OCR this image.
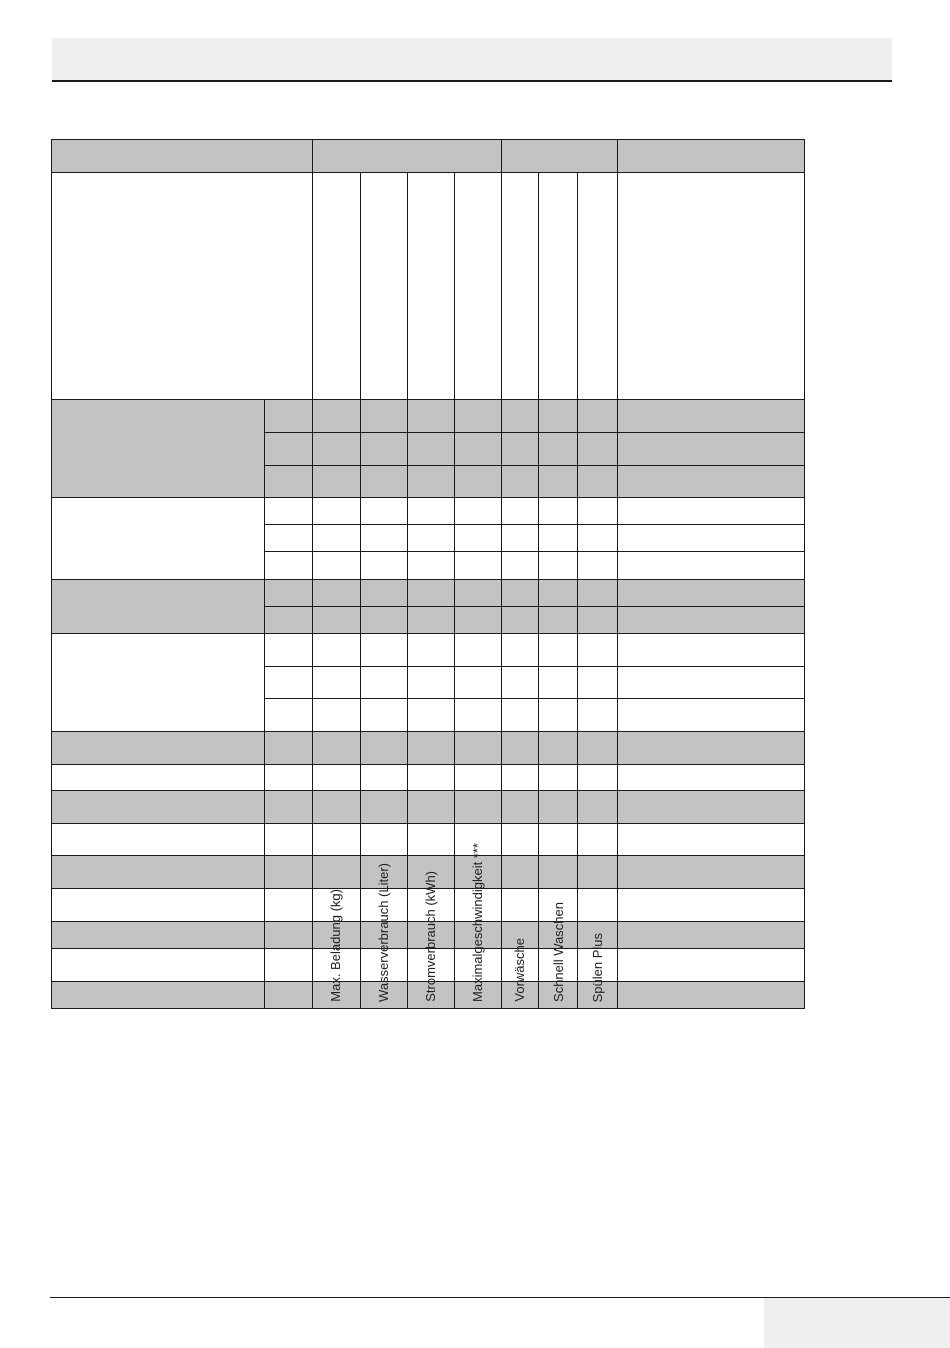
Max. Beladung (kg)	Wasserverbrauch (Liter) Stromverbrauch (kWh) Maximalgeschwindigkeit *** Vorwäsche Schnell Waschen Spülen Plus
